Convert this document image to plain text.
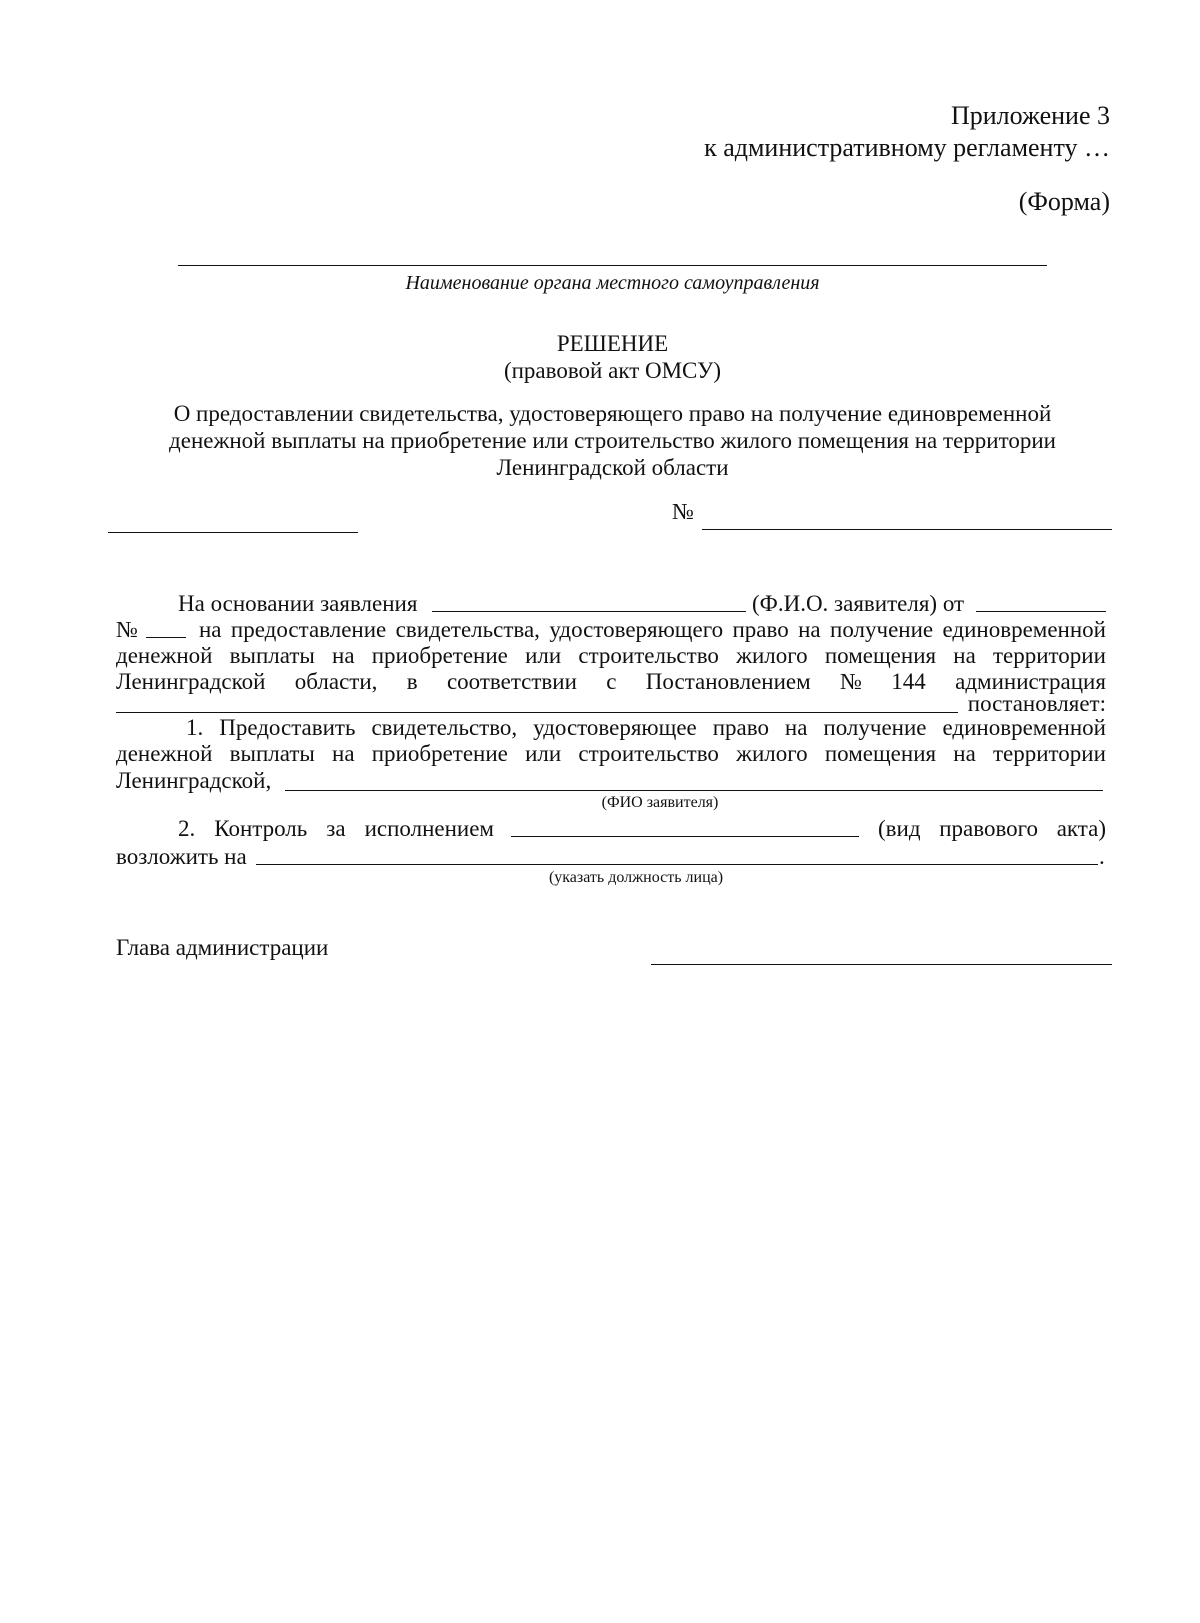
Приложение 3
к административному регламенту …
(Форма)
Наименование органа местного самоуправления
РЕШЕНИЕ
(правовой акт ОМСУ)
О предоставлении свидетельства, удостоверяющего право на получение единовременной
денежной выплаты на приобретение или строительство жилого помещения на территории
Ленинградской области
№
На основании заявления	(Ф.И.О. заявителя) от
№	на предоставление свидетельства, удостоверяющего право на получение единовременной
денежной выплаты на приобретение или строительство жилого помещения на территории
Ленинградской области, в соответствии с Постановлением № 144 администрация
постановляет:
1. Предоставить свидетельство, удостоверяющее право на получение единовременной
денежной выплаты на приобретение или строительство жилого помещения на территории
Ленинградской,
(ФИО заявителя)
2. Контроль за исполнением	(вид правового акта)
возложить на	.
(указать должность лица)
Глава администрации
